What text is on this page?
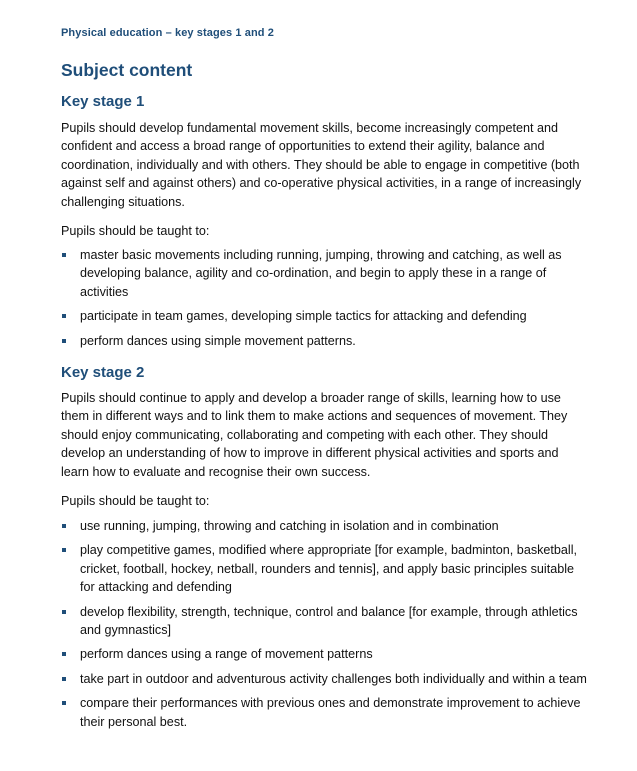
Physical education – key stages 1 and 2
Subject content
Key stage 1

Pupils should develop fundamental movement skills, become increasingly competent and confident and access a broad range of opportunities to extend their agility, balance and coordination, individually and with others. They should be able to engage in competitive (both against self and against others) and co-operative physical activities, in a range of increasingly challenging situations.

Pupils should be taught to:

master basic movements including running, jumping, throwing and catching, as well as developing balance, agility and co-ordination, and begin to apply these in a range of activities
participate in team games, developing simple tactics for attacking and defending
perform dances using simple movement patterns.
Key stage 2

Pupils should continue to apply and develop a broader range of skills, learning how to use them in different ways and to link them to make actions and sequences of movement. They should enjoy communicating, collaborating and competing with each other. They should develop an understanding of how to improve in different physical activities and sports and learn how to evaluate and recognise their own success.

Pupils should be taught to:

use running, jumping, throwing and catching in isolation and in combination
play competitive games, modified where appropriate [for example, badminton, basketball, cricket, football, hockey, netball, rounders and tennis], and apply basic principles suitable for attacking and defending
develop flexibility, strength, technique, control and balance [for example, through athletics and gymnastics]
perform dances using a range of movement patterns
take part in outdoor and adventurous activity challenges both individually and within a team
compare their performances with previous ones and demonstrate improvement to achieve their personal best.
